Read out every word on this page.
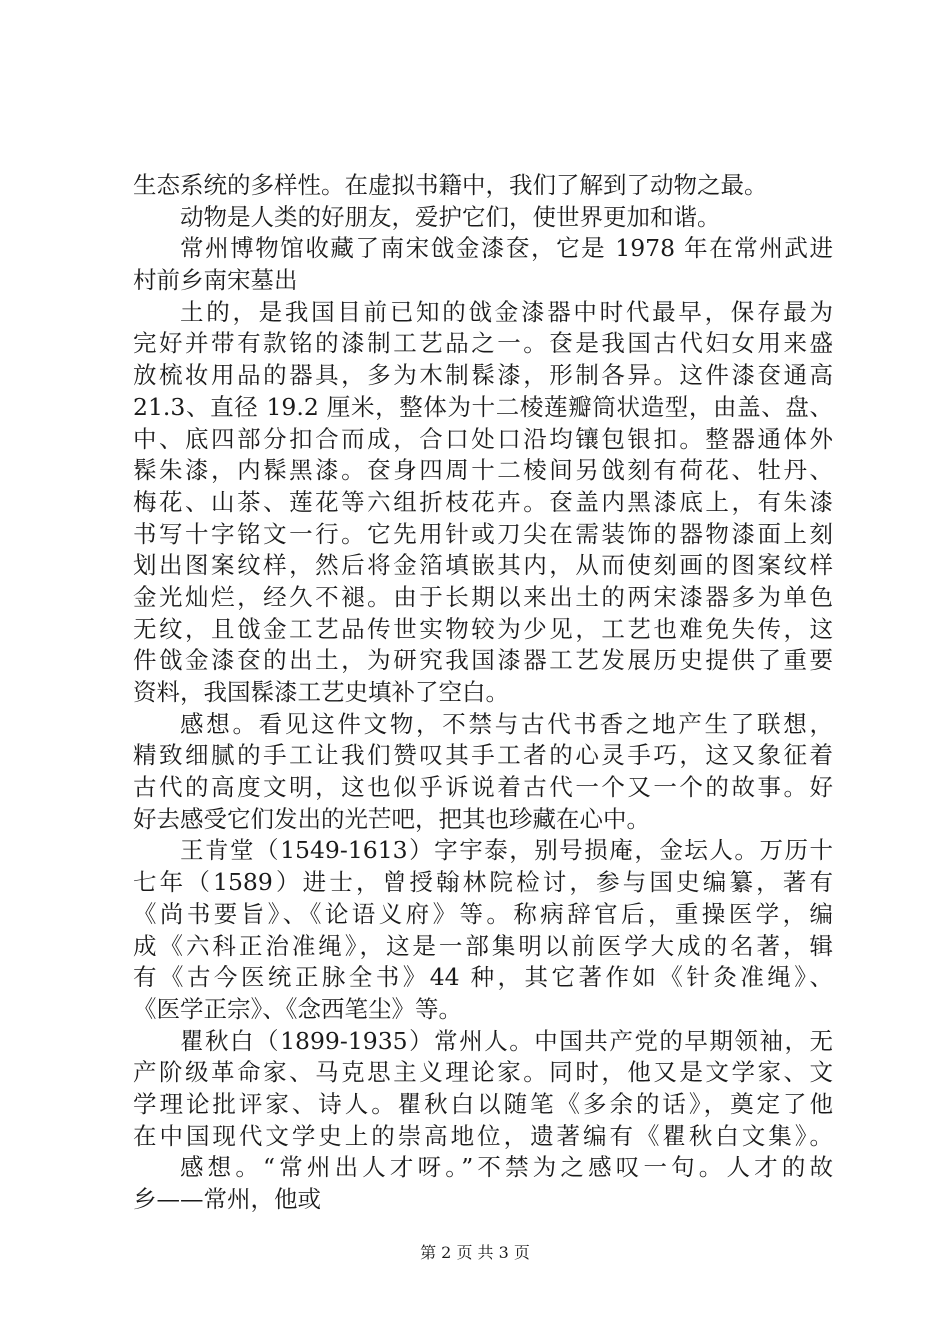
生态系统的多样性。在虚拟书籍中，我们了解到了动物之最。
动物是人类的好朋友，爱护它们，使世界更加和谐。
常州博物馆收藏了南宋戗金漆奁，它是 1978 年在常州武进
村前乡南宋墓出
土的，是我国目前已知的戗金漆器中时代最早，保存最为
完好并带有款铭的漆制工艺品之一。奁是我国古代妇女用来盛
放梳妆用品的器具，多为木制髹漆，形制各异。这件漆奁通高
21.3、直径 19.2 厘米，整体为十二棱莲瓣筒状造型，由盖、盘、
中、底四部分扣合而成，合口处口沿均镶包银扣。整器通体外
髹朱漆，内髹黑漆。奁身四周十二棱间另戗刻有荷花、牡丹、
梅花、山茶、莲花等六组折枝花卉。奁盖内黑漆底上，有朱漆
书写十字铭文一行。它先用针或刀尖在需装饰的器物漆面上刻
划出图案纹样，然后将金箔填嵌其内，从而使刻画的图案纹样
金光灿烂，经久不褪。由于长期以来出土的两宋漆器多为单色
无纹，且戗金工艺品传世实物较为少见，工艺也难免失传，这
件戗金漆奁的出土，为研究我国漆器工艺发展历史提供了重要
资料，我国髹漆工艺史填补了空白。
感想。看见这件文物，不禁与古代书香之地产生了联想，
精致细腻的手工让我们赞叹其手工者的心灵手巧，这又象征着
古代的高度文明，这也似乎诉说着古代一个又一个的故事。好
好去感受它们发出的光芒吧，把其也珍藏在心中。
王肯堂（1549-1613）字宇泰，别号损庵，金坛人。万历十
七年（1589）进士，曾授翰林院检讨，参与国史编纂，著有
《尚书要旨》、《论语义府》等。称病辞官后，重操医学，编
成《六科正治准绳》，这是一部集明以前医学大成的名著，辑
有《古今医统正脉全书》44 种，其它著作如《针灸准绳》、
《医学正宗》、《念西笔尘》等。
瞿秋白（1899-1935）常州人。中国共产党的早期领袖，无
产阶级革命家、马克思主义理论家。同时，他又是文学家、文
学理论批评家、诗人。瞿秋白以随笔《多余的话》，奠定了他
在中国现代文学史上的崇高地位，遗著编有《瞿秋白文集》。
感想。“常州出人才呀。”不禁为之感叹一句。人才的故
乡——常州，他或
第 2 页 共 3 页
